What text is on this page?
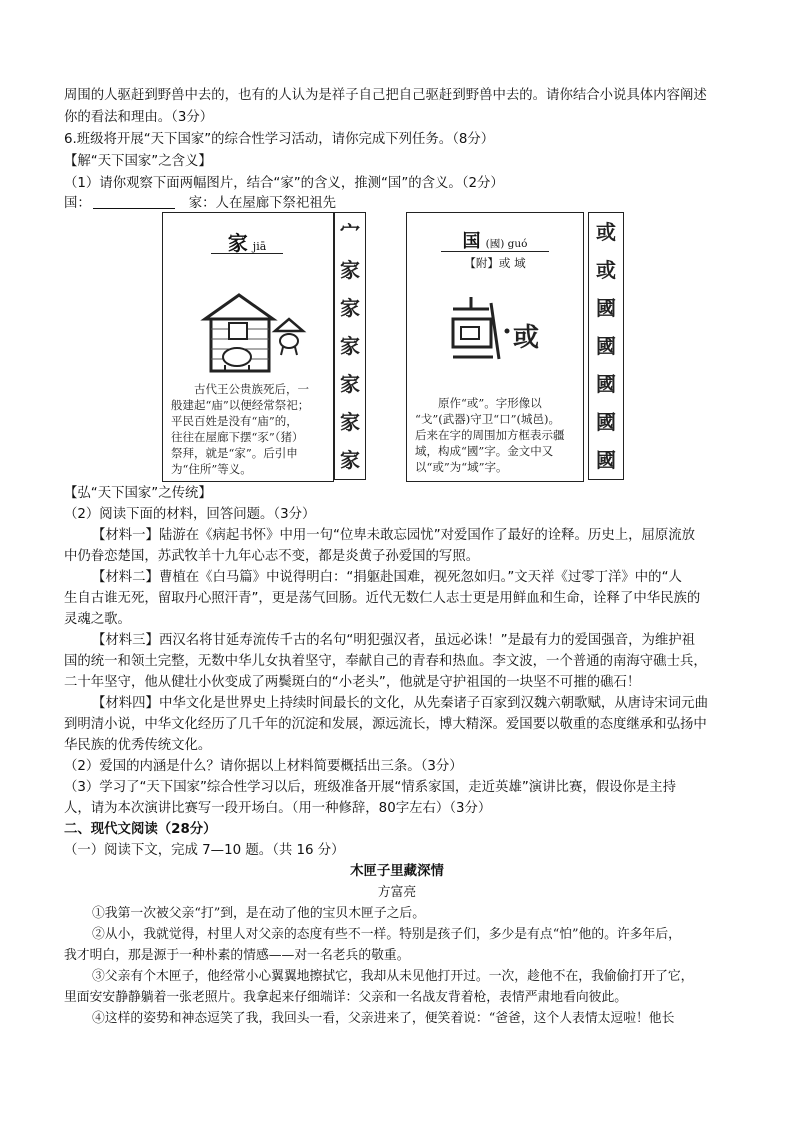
周围的人驱赶到野兽中去的，也有的人认为是祥子自己把自己驱赶到野兽中去的。请你结合小说具体内容阐述
你的看法和理由。（3分）
6.班级将开展“天下国家”的综合性学习活动，请你完成下列任务。（8分）
【解“天下国家”之含义】
（1）请你观察下面两幅图片，结合“家”的含义，推测“国”的含义。（2分）
国：	家：人在屋廊下祭祀祖先
家 jiā
古代王公贵族死后，一
般建起“庙”以便经常祭祀；
平民百姓是没有“庙”的，
往往在屋廊下摆“豕”（猪）
祭拜，就是“家”。后引申
为“住所”等义。
宀
家
家
家
家
家
家
国 (國) guó
【附】或 域
或
原作“或”。字形像以
“戈”(武器)守卫“口”(城邑)。
后来在字的周围加方框表示疆
域，构成“國”字。金文中又
以“或”为“域”字。
或
或
國
國
國
國
國
【弘“天下国家”之传统】
（2）阅读下面的材料，回答问题。（3分）
【材料一】陆游在《病起书怀》中用一句“位卑未敢忘园忧”对爱国作了最好的诠释。历史上，屈原流放
中仍眷恋楚国，苏武牧羊十九年心志不变，都是炎黄子孙爱国的写照。
【材料二】曹植在《白马篇》中说得明白：“捐躯赴国难，视死忽如归。”文天祥《过零丁洋》中的“人
生自古谁无死，留取丹心照汗青”，更是荡气回肠。近代无数仁人志士更是用鲜血和生命，诠释了中华民族的
灵魂之歌。
【材料三】西汉名将甘延寿流传千古的名句“明犯强汉者，虽远必诛！”是最有力的爱国强音，为维护祖
国的统一和领土完整，无数中华儿女执着坚守，奉献自己的青春和热血。李文波，一个普通的南海守礁士兵，
二十年坚守，他从健壮小伙变成了两鬓斑白的“小老头”，他就是守护祖国的一块坚不可摧的礁石！
【材料四】中华文化是世界史上持续时间最长的文化，从先秦诸子百家到汉魏六朝歌赋，从唐诗宋词元曲
到明清小说，中华文化经历了几千年的沉淀和发展，源远流长，博大精深。爱国要以敬重的态度继承和弘扬中
华民族的优秀传统文化。
（2）爱国的内涵是什么？请你据以上材料简要概括出三条。（3分）
（3）学习了“天下国家”综合性学习以后，班级准备开展“情系家国，走近英雄”演讲比赛，假设你是主持
人，请为本次演讲比赛写一段开场白。（用一种修辞，80字左右）（3分）
二、现代文阅读（28分）
（一）阅读下文，完成 7—10 题。（共 16 分）
木匣子里藏深情
方富亮
①我第一次被父亲“打”到，是在动了他的宝贝木匣子之后。
②从小，我就觉得，村里人对父亲的态度有些不一样。特别是孩子们，多少是有点“怕”他的。许多年后，
我才明白，那是源于一种朴素的情感——对一名老兵的敬重。
③父亲有个木匣子，他经常小心翼翼地擦拭它，我却从未见他打开过。一次，趁他不在，我偷偷打开了它，
里面安安静静躺着一张老照片。我拿起来仔细端详：父亲和一名战友背着枪，表情严肃地看向彼此。
④这样的姿势和神态逗笑了我，我回头一看，父亲进来了，便笑着说：“爸爸，这个人表情太逗啦！他长
